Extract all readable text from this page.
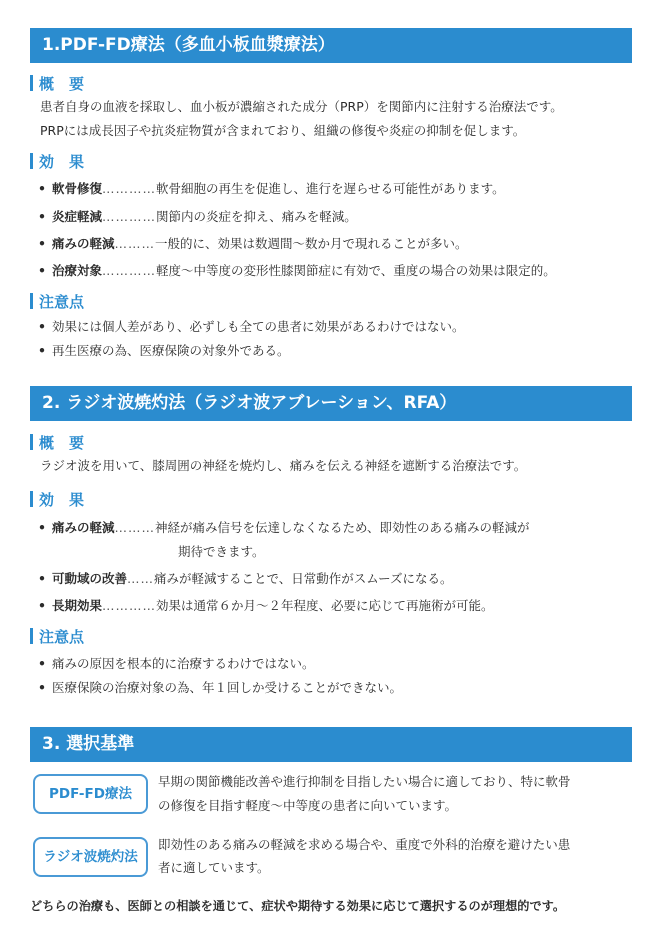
1.PDF-FD療法（多血小板血漿療法）
概　要
患者自身の血液を採取し、血小板が濃縮された成分（PRP）を関節内に注射する治療法です。
PRPには成長因子や抗炎症物質が含まれており、組織の修復や炎症の抑制を促します。
効　果
• 軟骨修復…………軟骨細胞の再生を促進し、進行を遅らせる可能性があります。
• 炎症軽減…………関節内の炎症を抑え、痛みを軽減。
• 痛みの軽減………一般的に、効果は数週間〜数か月で現れることが多い。
• 治療対象…………軽度〜中等度の変形性膝関節症に有効で、重度の場合の効果は限定的。
注意点
• 効果には個人差があり、必ずしも全ての患者に効果があるわけではない。
• 再生医療の為、医療保険の対象外である。
2. ラジオ波焼灼法（ラジオ波アブレーション、RFA）
概　要
ラジオ波を用いて、膝周囲の神経を焼灼し、痛みを伝える神経を遮断する治療法です。
効　果
• 痛みの軽減………神経が痛み信号を伝達しなくなるため、即効性のある痛みの軽減が
期待できます。
• 可動域の改善……痛みが軽減することで、日常動作がスムーズになる。
• 長期効果…………効果は通常６か月〜２年程度、必要に応じて再施術が可能。
注意点
• 痛みの原因を根本的に治療するわけではない。
• 医療保険の治療対象の為、年１回しか受けることができない。
3. 選択基準
PDF-FD療法
早期の関節機能改善や進行抑制を目指したい場合に適しており、特に軟骨
の修復を目指す軽度〜中等度の患者に向いています。
ラジオ波焼灼法
即効性のある痛みの軽減を求める場合や、重度で外科的治療を避けたい患
者に適しています。
どちらの治療も、医師との相談を通じて、症状や期待する効果に応じて選択するのが理想的です。
